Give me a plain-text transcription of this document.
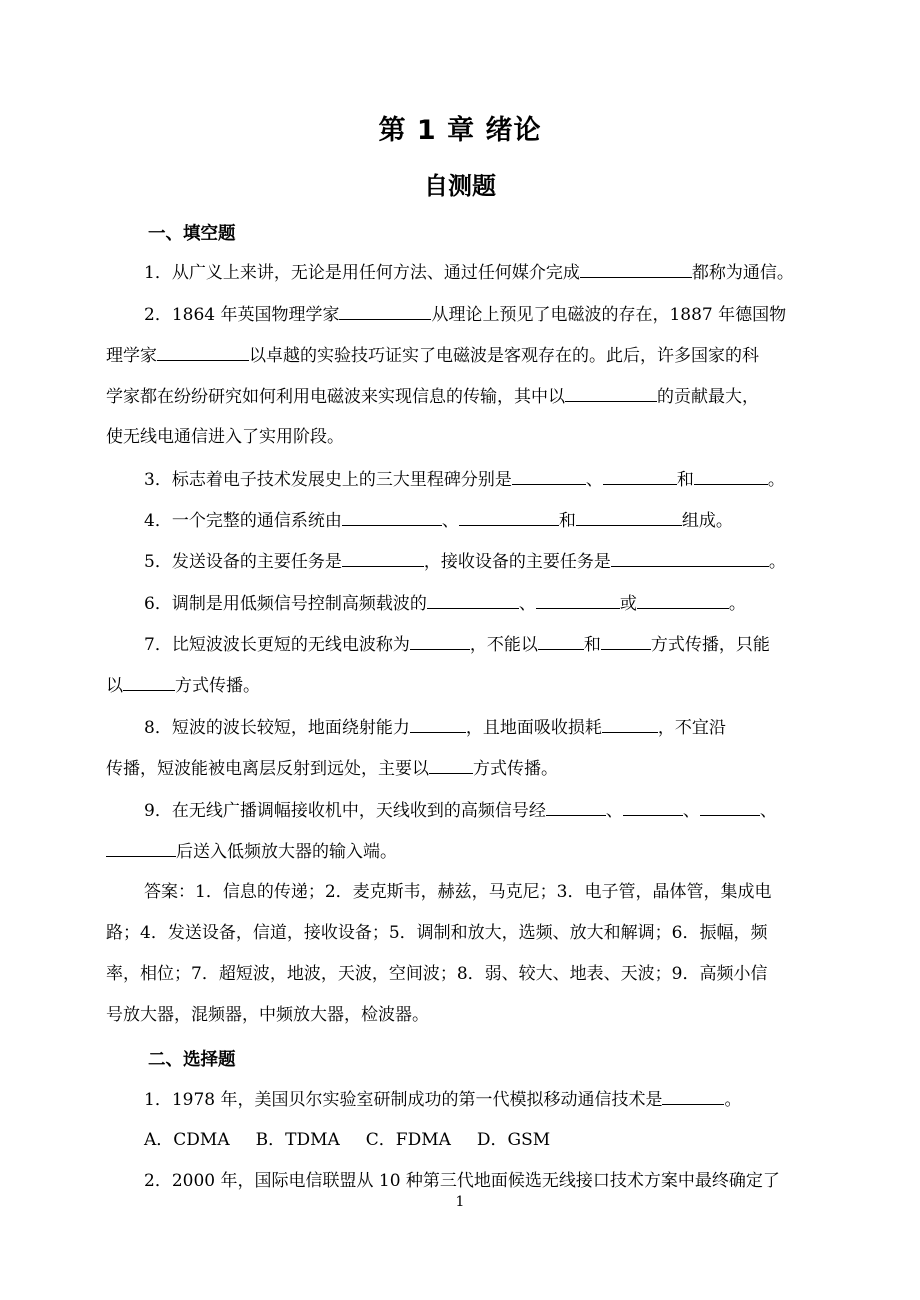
第 1 章 绪论
自测题
一、填空题
1．从广义上来讲，无论是用任何方法、通过任何媒介完成	都称为通信。
2．1864 年英国物理学家	从理论上预见了电磁波的存在，1887 年德国物
理学家	以卓越的实验技巧证实了电磁波是客观存在的。此后，许多国家的科
学家都在纷纷研究如何利用电磁波来实现信息的传输，其中以	的贡献最大，
使无线电通信进入了实用阶段。
3．标志着电子技术发展史上的三大里程碑分别是	、	和	。
4．一个完整的通信系统由	、	和	组成。
5．发送设备的主要任务是	，接收设备的主要任务是	。
6．调制是用低频信号控制高频载波的	、	或	。
7．比短波波长更短的无线电波称为	，不能以	和	方式传播，只能
以	方式传播。
8．短波的波长较短，地面绕射能力	，且地面吸收损耗	，不宜沿
传播，短波能被电离层反射到远处，主要以	方式传播。
9．在无线广播调幅接收机中，天线收到的高频信号经	、	、	、
后送入低频放大器的输入端。
答案：1．信息的传递；2．麦克斯韦，赫兹，马克尼；3．电子管，晶体管，集成电
路；4．发送设备，信道，接收设备；5．调制和放大，选频、放大和解调；6．振幅，频
率，相位；7．超短波，地波，天波，空间波；8．弱、较大、地表、天波；9．高频小信
号放大器，混频器，中频放大器，检波器。
二、选择题
1．1978 年，美国贝尔实验室研制成功的第一代模拟移动通信技术是	。
A．CDMA B．TDMA C．FDMA D．GSM
2．2000 年，国际电信联盟从 10 种第三代地面候选无线接口技术方案中最终确定了
1
